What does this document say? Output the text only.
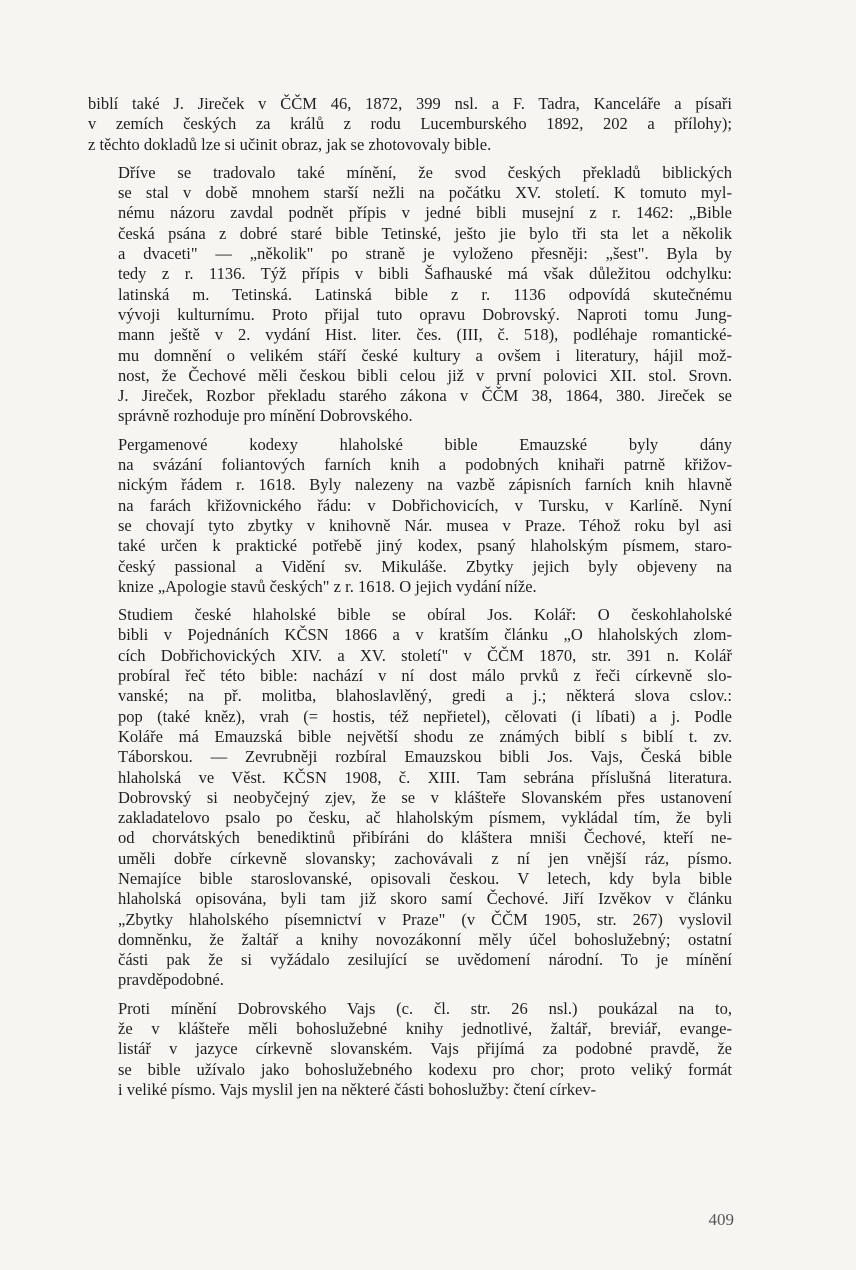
biblí také J. Jireček v ČČM 46, 1872, 399 nsl. a F. Tadra, Kanceláře a písaři
v zemích českých za králů z rodu Lucemburského 1892, 202 a přílohy);
z těchto dokladů lze si učinit obraz, jak se zhotovovaly bible.
Dříve se tradovalo také mínění, že svod českých překladů biblických
se stal v době mnohem starší nežli na počátku XV. století. K tomuto myl-
nému názoru zavdal podnět přípis v jedné bibli musejní z r. 1462: „Bible
česká psána z dobré staré bible Tetinské, ješto jie bylo tři sta let a několik
a dvaceti" — „několik" po straně je vyloženo přesněji: „šest". Byla by
tedy z r. 1136. Týž přípis v bibli Šafhauské má však důležitou odchylku:
latinská m. Tetinská. Latinská bible z r. 1136 odpovídá skutečnému
vývoji kulturnímu. Proto přijal tuto opravu Dobrovský. Naproti tomu Jung-
mann ještě v 2. vydání Hist. liter. čes. (III, č. 518), podléhaje romantické-
mu domnění o velikém stáří české kultury a ovšem i literatury, hájil mož-
nost, že Čechové měli českou bibli celou již v první polovici XII. stol. Srovn.
J. Jireček, Rozbor překladu starého zákona v ČČM 38, 1864, 380. Jireček se
správně rozhoduje pro mínění Dobrovského.
Pergamenové kodexy hlaholské bible Emauzské byly dány
na svázání foliantových farních knih a podobných knihaři patrně křižov-
nickým řádem r. 1618. Byly nalezeny na vazbě zápisních farních knih hlavně
na farách křižovnického řádu: v Dobřichovicích, v Tursku, v Karlíně. Nyní
se chovají tyto zbytky v knihovně Nár. musea v Praze. Téhož roku byl asi
také určen k praktické potřebě jiný kodex, psaný hlaholským písmem, staro-
český passional a Vidění sv. Mikuláše. Zbytky jejich byly objeveny na
knize „Apologie stavů českých" z r. 1618. O jejich vydání níže.
Studiem české hlaholské bible se obíral Jos. Kolář: O českohlaholské
bibli v Pojednáních KČSN 1866 a v kratším článku „O hlaholských zlom-
cích Dobřichovických XIV. a XV. století" v ČČM 1870, str. 391 n. Kolář
probíral řeč této bible: nachází v ní dost málo prvků z řeči církevně slo-
vanské; na př. molitba, blahoslavlěný, gredi a j.; některá slova cslov.:
pop (také kněz), vrah (= hostis, též nepřietel), cělovati (i líbati) a j. Podle
Koláře má Emauzská bible největší shodu ze známých biblí s biblí t. zv.
Táborskou. — Zevrubněji rozbíral Emauzskou bibli Jos. Vajs, Česká bible
hlaholská ve Věst. KČSN 1908, č. XIII. Tam sebrána příslušná literatura.
Dobrovský si neobyčejný zjev, že se v klášteře Slovanském přes ustanovení
zakladatelovo psalo po česku, ač hlaholským písmem, vykládal tím, že byli
od chorvátských benediktinů přibíráni do kláštera mniši Čechové, kteří ne-
uměli dobře církevně slovansky; zachovávali z ní jen vnější ráz, písmo.
Nemajíce bible staroslovanské, opisovali českou. V letech, kdy byla bible
hlaholská opisována, byli tam již skoro samí Čechové. Jiří Izvěkov v článku
„Zbytky hlaholského písemnictví v Praze" (v ČČM 1905, str. 267) vyslovil
domněnku, že žaltář a knihy novozákonní měly účel bohoslužebný; ostatní
části pak že si vyžádalo zesilující se uvědomení národní. To je mínění
pravděpodobné.
Proti mínění Dobrovského Vajs (c. čl. str. 26 nsl.) poukázal na to,
že v klášteře měli bohoslužebné knihy jednotlivé, žaltář, breviář, evange-
listář v jazyce církevně slovanském. Vajs přijímá za podobné pravdě, že
se bible užívalo jako bohoslužebného kodexu pro chor; proto veliký formát
i veliké písmo. Vajs myslil jen na některé části bohoslužby: čtení církev-
409
